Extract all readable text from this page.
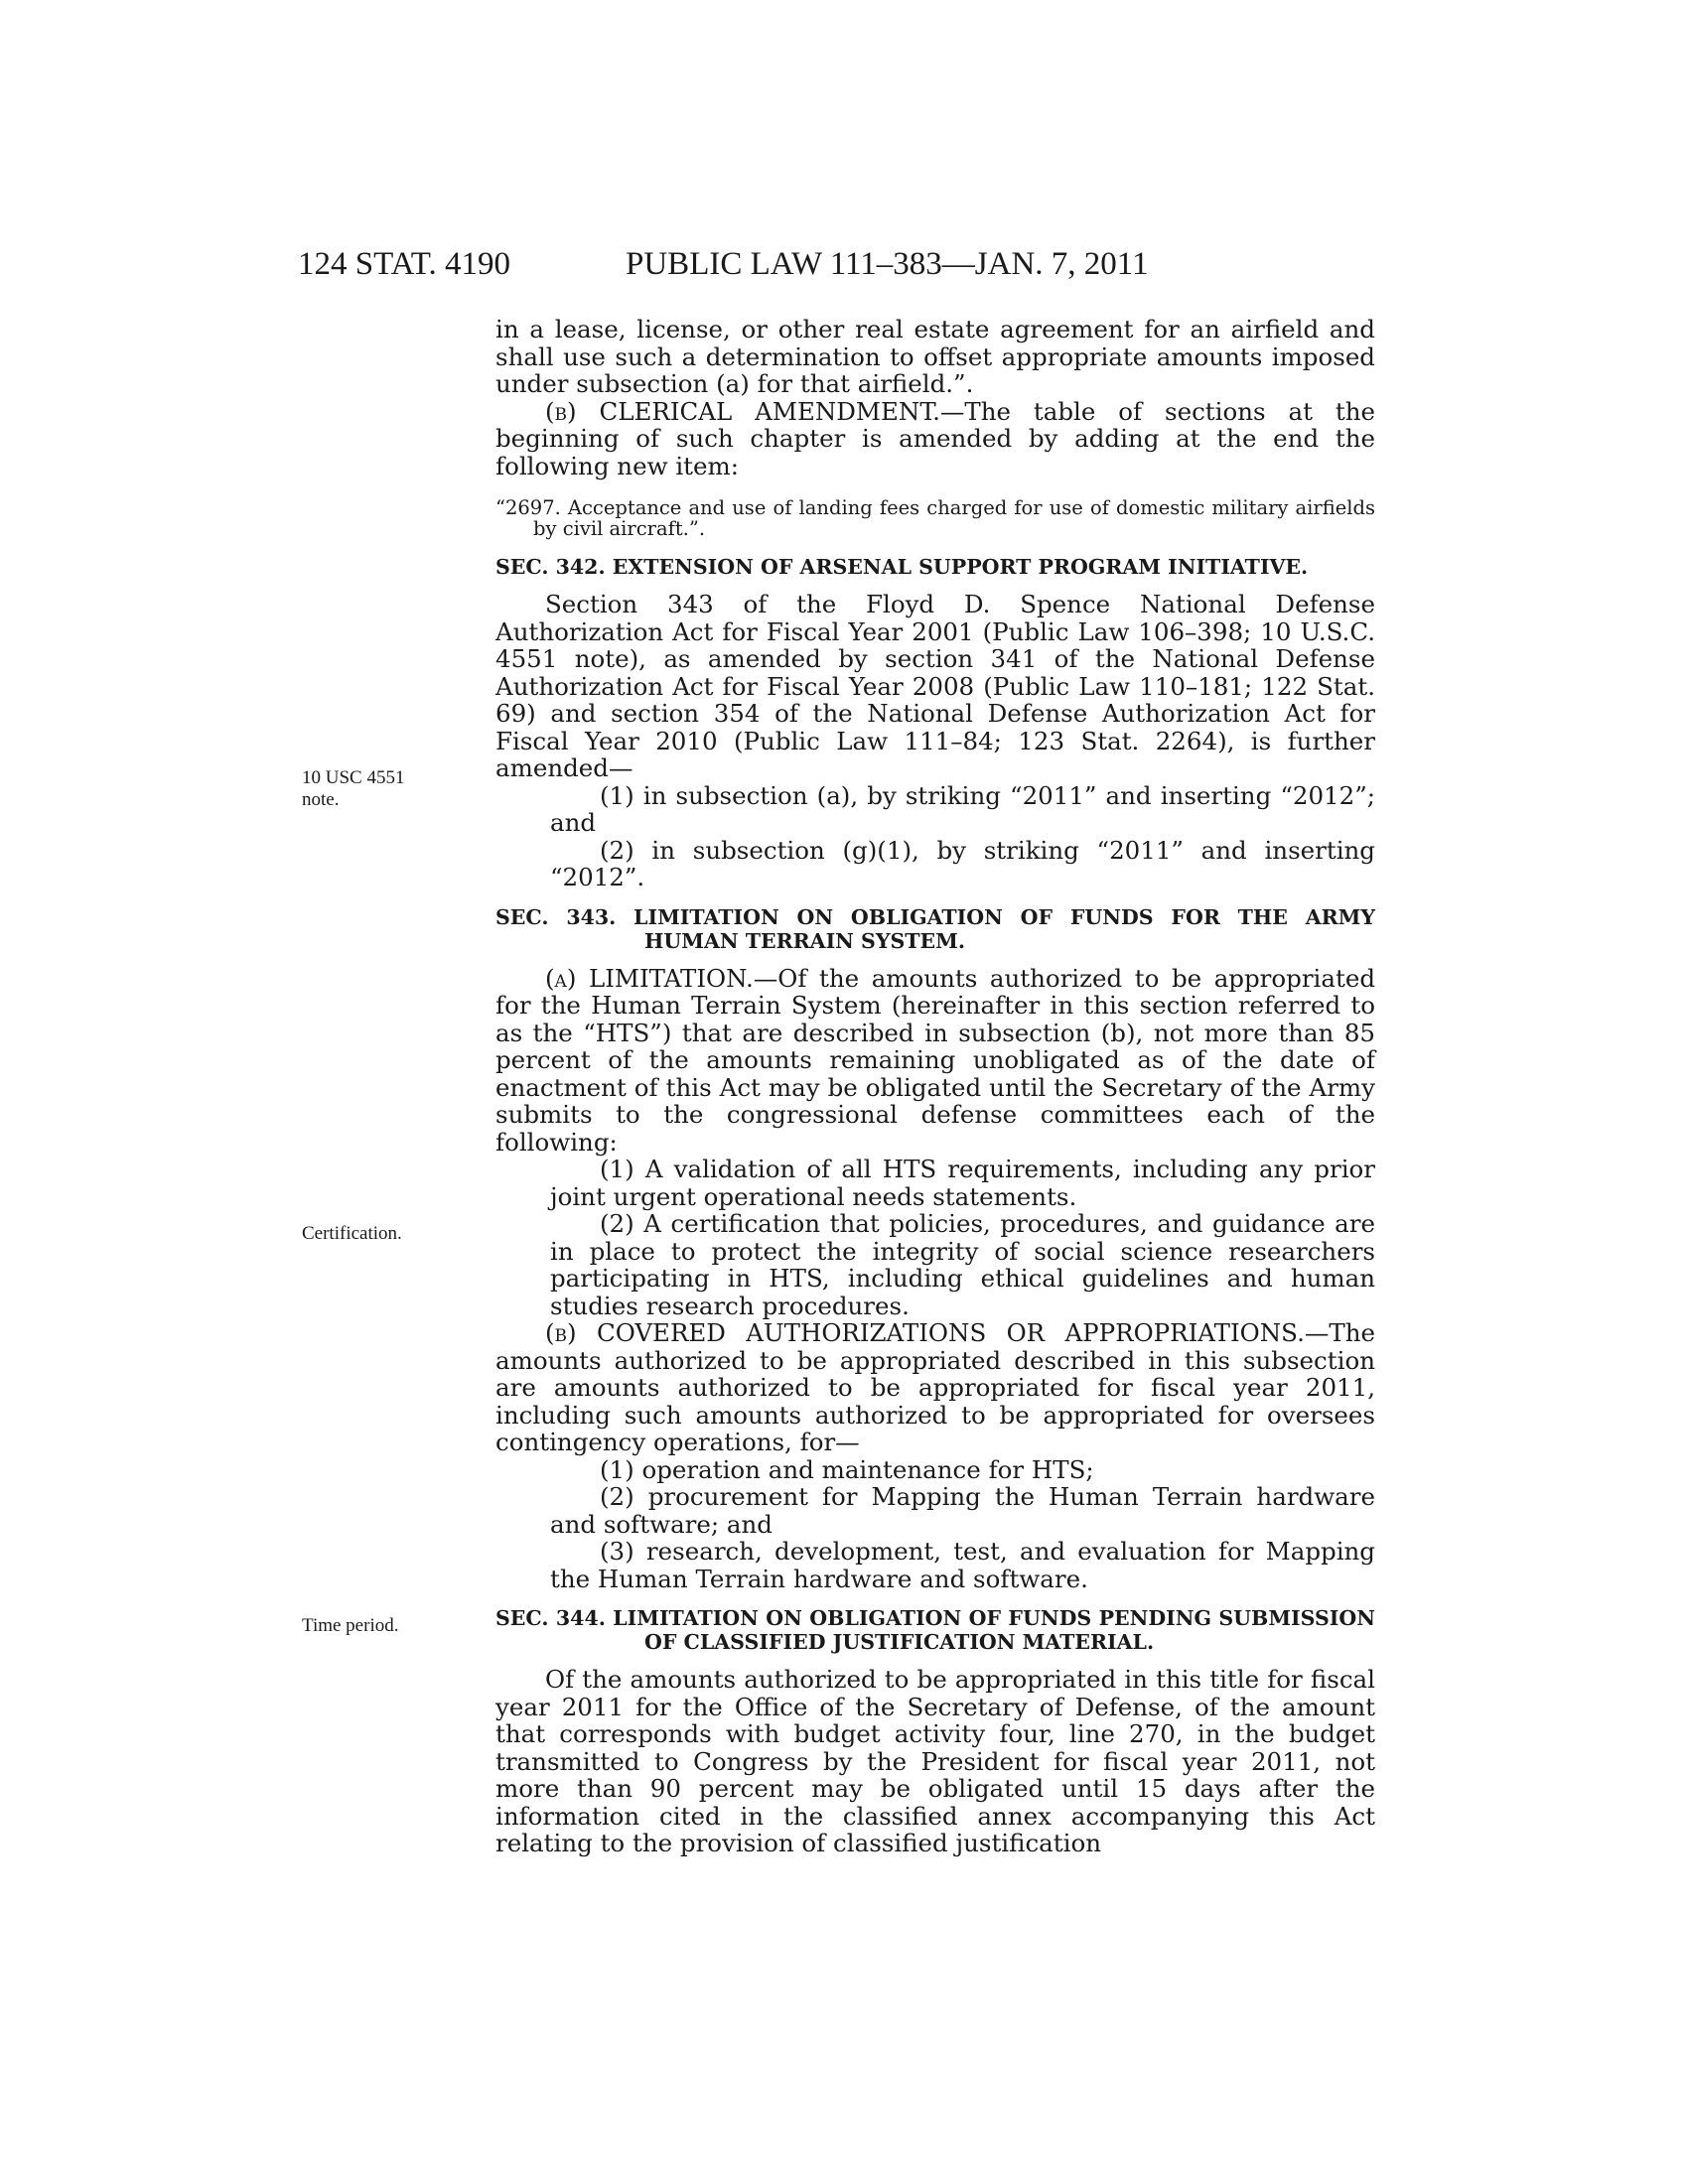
124 STAT. 4190	PUBLIC LAW 111–383—JAN. 7, 2011
10 USC 4551
note.
Certification.
Time period.

in a lease, license, or other real estate agreement for an airfield and shall use such a determination to offset appropriate amounts imposed under subsection (a) for that airfield.”.

(b) CLERICAL AMENDMENT.—The table of sections at the beginning of such chapter is amended by adding at the end the following new item:

“2697. Acceptance and use of landing fees charged for use of domestic military airfields by civil aircraft.”.

SEC. 342. EXTENSION OF ARSENAL SUPPORT PROGRAM INITIATIVE.

Section 343 of the Floyd D. Spence National Defense Authorization Act for Fiscal Year 2001 (Public Law 106–398; 10 U.S.C. 4551 note), as amended by section 341 of the National Defense Authorization Act for Fiscal Year 2008 (Public Law 110–181; 122 Stat. 69) and section 354 of the National Defense Authorization Act for Fiscal Year 2010 (Public Law 111–84; 123 Stat. 2264), is further amended—

(1) in subsection (a), by striking “2011” and inserting “2012”; and

(2) in subsection (g)(1), by striking “2011” and inserting “2012”.

SEC. 343. LIMITATION ON OBLIGATION OF FUNDS FOR THE ARMY HUMAN TERRAIN SYSTEM.

(a) LIMITATION.—Of the amounts authorized to be appropriated for the Human Terrain System (hereinafter in this section referred to as the “HTS”) that are described in subsection (b), not more than 85 percent of the amounts remaining unobligated as of the date of enactment of this Act may be obligated until the Secretary of the Army submits to the congressional defense committees each of the following:

(1) A validation of all HTS requirements, including any prior joint urgent operational needs statements.

(2) A certification that policies, procedures, and guidance are in place to protect the integrity of social science researchers participating in HTS, including ethical guidelines and human studies research procedures.

(b) COVERED AUTHORIZATIONS OR APPROPRIATIONS.—The amounts authorized to be appropriated described in this subsection are amounts authorized to be appropriated for fiscal year 2011, including such amounts authorized to be appropriated for oversees contingency operations, for—

(1) operation and maintenance for HTS;

(2) procurement for Mapping the Human Terrain hardware and software; and

(3) research, development, test, and evaluation for Mapping the Human Terrain hardware and software.

SEC. 344. LIMITATION ON OBLIGATION OF FUNDS PENDING SUBMISSION OF CLASSIFIED JUSTIFICATION MATERIAL.

Of the amounts authorized to be appropriated in this title for fiscal year 2011 for the Office of the Secretary of Defense, of the amount that corresponds with budget activity four, line 270, in the budget transmitted to Congress by the President for fiscal year 2011, not more than 90 percent may be obligated until 15 days after the information cited in the classified annex accompanying this Act relating to the provision of classified justification
